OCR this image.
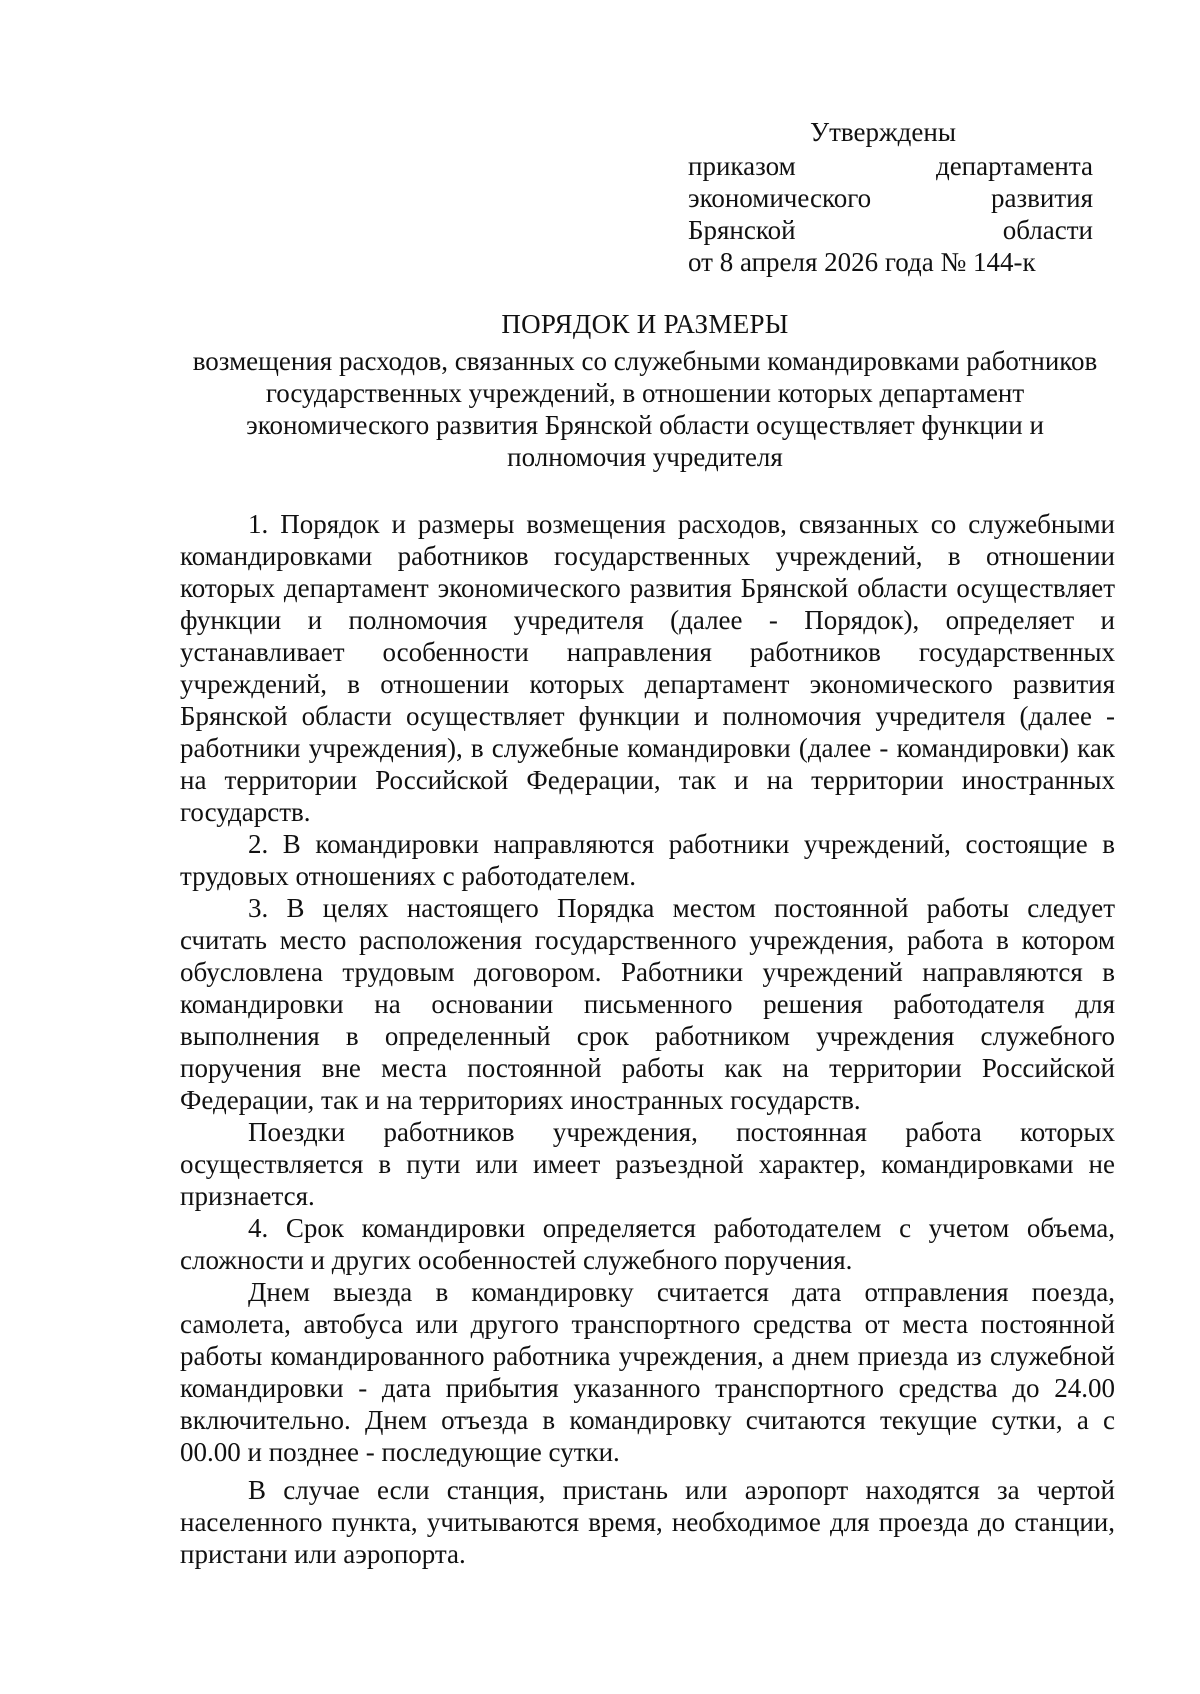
Утверждены
приказом департамента
экономического развития
Брянской области
от 8 апреля 2026 года № 144-к
ПОРЯДОК И РАЗМЕРЫ

возмещения расходов, связанных со служебными командировками работников государственных учреждений, в отношении которых департамент экономического развития Брянской области осуществляет функции и полномочия учредителя

1. Порядок и размеры возмещения расходов, связанных со служебными командировками работников государственных учреждений, в отношении которых департамент экономического развития Брянской области осуществляет функции и полномочия учредителя (далее - Порядок), определяет и устанавливает особенности направления работников государственных учреждений, в отношении которых департамент экономического развития Брянской области осуществляет функции и полномочия учредителя (далее - работники учреждения), в служебные командировки (далее - командировки) как на территории Российской Федерации, так и на территории иностранных государств.

2. В командировки направляются работники учреждений, состоящие в трудовых отношениях с работодателем.

3. В целях настоящего Порядка местом постоянной работы следует считать место расположения государственного учреждения, работа в котором обусловлена трудовым договором. Работники учреждений направляются в командировки на основании письменного решения работодателя для выполнения в определенный срок работником учреждения служебного поручения вне места постоянной работы как на территории Российской Федерации, так и на территориях иностранных государств.

Поездки работников учреждения, постоянная работа которых осуществляется в пути или имеет разъездной характер, командировками не признается.

4. Срок командировки определяется работодателем с учетом объема, сложности и других особенностей служебного поручения.

Днем выезда в командировку считается дата отправления поезда, самолета, автобуса или другого транспортного средства от места постоянной работы командированного работника учреждения, а днем приезда из служебной командировки - дата прибытия указанного транспортного средства до 24.00 включительно. Днем отъезда в командировку считаются текущие сутки, а с 00.00 и позднее - последующие сутки.

В случае если станция, пристань или аэропорт находятся за чертой населенного пункта, учитываются время, необходимое для проезда до станции, пристани или аэропорта.
